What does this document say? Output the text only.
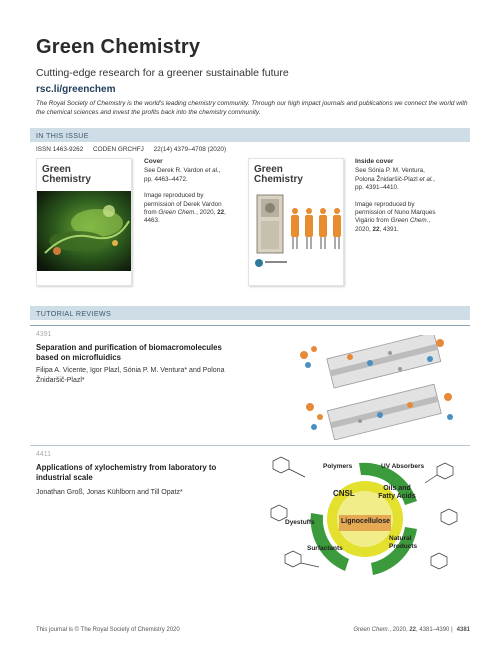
Green Chemistry
Cutting-edge research for a greener sustainable future
rsc.li/greenchem
The Royal Society of Chemistry is the world's leading chemistry community. Through our high impact journals and publications we connect the world with the chemical sciences and invest the profits back into the chemistry community.
IN THIS ISSUE
ISSN 1463-9262 CODEN GRCHFJ 22(14) 4379–4708 (2020)
Green
Chemistry
Cover
See Derek R. Vardon et al.,
pp. 4463–4472.
Image reproduced by permission of Derek Vardon from Green Chem., 2020, 22, 4463.
Green
Chemistry
Inside cover
See Sónia P. M. Ventura, Polona Žnidaršič-Plazl et al.,
pp. 4391–4410.
Image reproduced by permission of Nuno Marques Vigário from Green Chem., 2020, 22, 4391.
TUTORIAL REVIEWS
4391
Separation and purification of biomacromolecules based on microfluidics
Filipa A. Vicente, Igor Plazl, Sónia P. M. Ventura* and Polona Žnidaršič-Plazl*
4411
Applications of xylochemistry from laboratory to industrial scale
Jonathan Groß, Jonas Kühlborn and Till Opatz*
Polymers	UV Absorbers
CNSL
Oils and Fatty Acids
Dyestuffs	Lignocellulose
Natural Products
Surfactants
This journal is © The Royal Society of Chemistry 2020	Green Chem., 2020, 22, 4381–4390 | 4381
